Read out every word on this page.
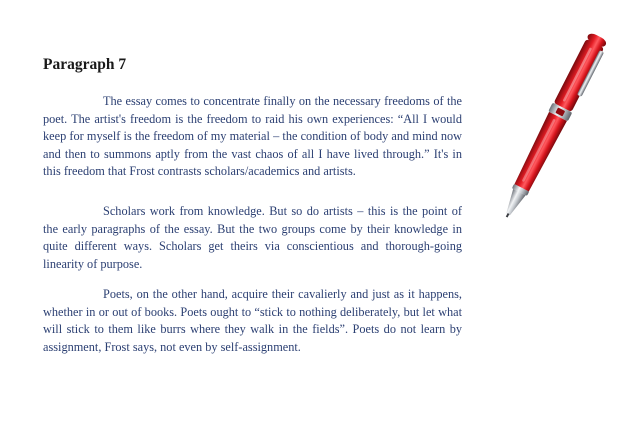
Paragraph 7

The essay comes to concentrate finally on the necessary freedoms of the poet. The artist's freedom is the freedom to raid his own experiences: “All I would keep for myself is the freedom of my material – the condition of body and mind now and then to summons aptly from the vast chaos of all I have lived through.” It's in this freedom that Frost contrasts scholars/academics and artists.

Scholars work from knowledge. But so do artists – this is the point of the early paragraphs of the essay. But the two groups come by their knowledge in quite different ways. Scholars get theirs via conscientious and thorough-going linearity of purpose.

Poets, on the other hand, acquire their cavalierly and just as it happens, whether in or out of books. Poets ought to “stick to nothing deliberately, but let what will stick to them like burrs where they walk in the fields”. Poets do not learn by assignment, Frost says, not even by self-assignment.
